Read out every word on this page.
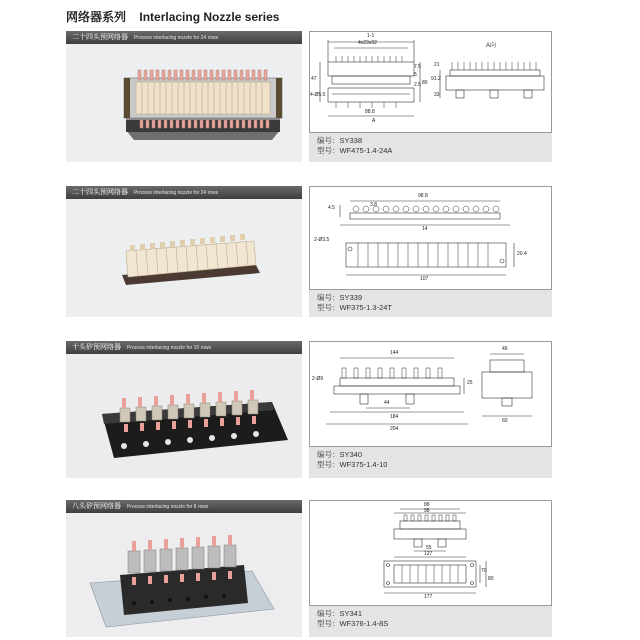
网络器系列 Interlacing Nozzle series
二十四头预网络器 Process interlacing nozzle for 24 rows	1-1
4x23x92
88.8
7.5
5
2.5 80
47
4-Ø5.5
A
A向
91.2
21
33
编号：SY338
型号：WF475-1.4-24A
二十四头预网络器 Process interlacing nozzle for 24 rows	98.8
4.5	3.8
14
2-Ø3.5
107
20.4
编号：SY339
型号：WF375-1.3-24T
十头矽预网络器 Process interlacing nozzle for 10 rows
144
2-Ø9
25
44
184
204
46
60
编号：SY340
型号：WF375-1.4-10
八头矽预网络器 Process interlacing nozzle for 8 rows	88
98
55
127
177
70
80
编号：SY341
型号：WF376-1.4-8S
